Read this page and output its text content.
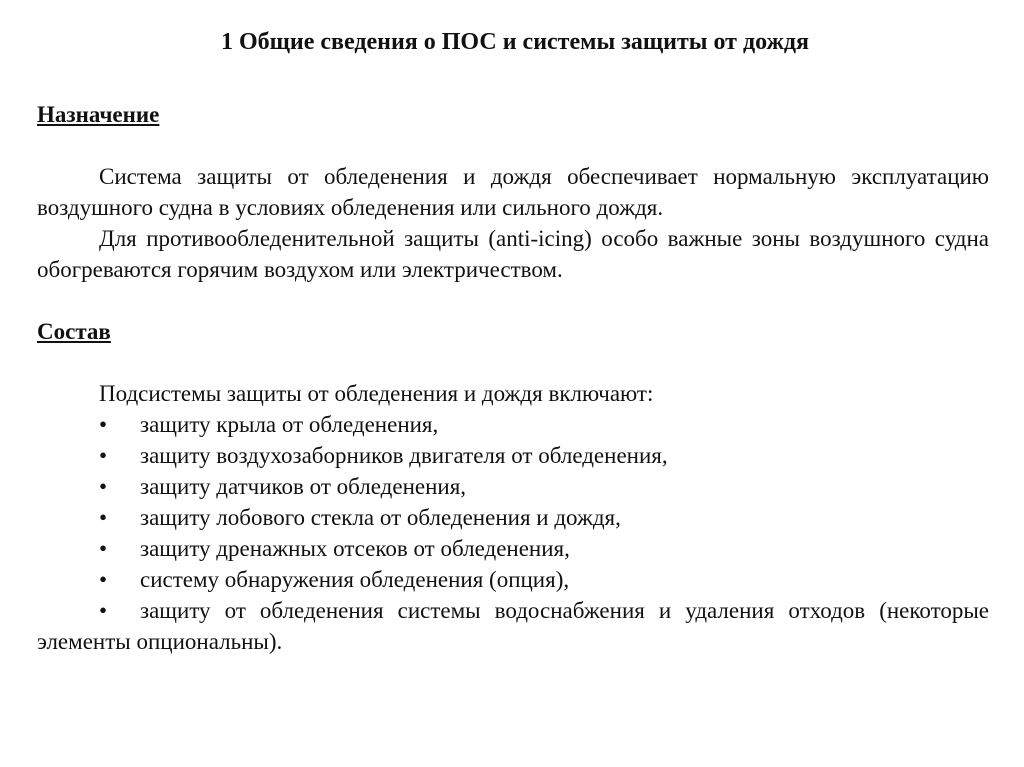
1 Общие сведения о ПОС и системы защиты от дождя
Назначение

Система защиты от обледенения и дождя обеспечивает нормальную эксплуатацию воздушного судна в условиях обледенения или сильного дождя.

Для противообледенительной защиты (anti-icing) особо важные зоны воздушного судна обогреваются горячим воздухом или электричеством.

Состав

Подсистемы защиты от обледенения и дождя включают:

• защиту крыла от обледенения,
• защиту воздухозаборников двигателя от обледенения,
• защиту датчиков от обледенения,
• защиту лобового стекла от обледенения и дождя,
• защиту дренажных отсеков от обледенения,
• систему обнаружения обледенения (опция),
• защиту от обледенения системы водоснабжения и удаления отходов (некоторые элементы опциональны).
